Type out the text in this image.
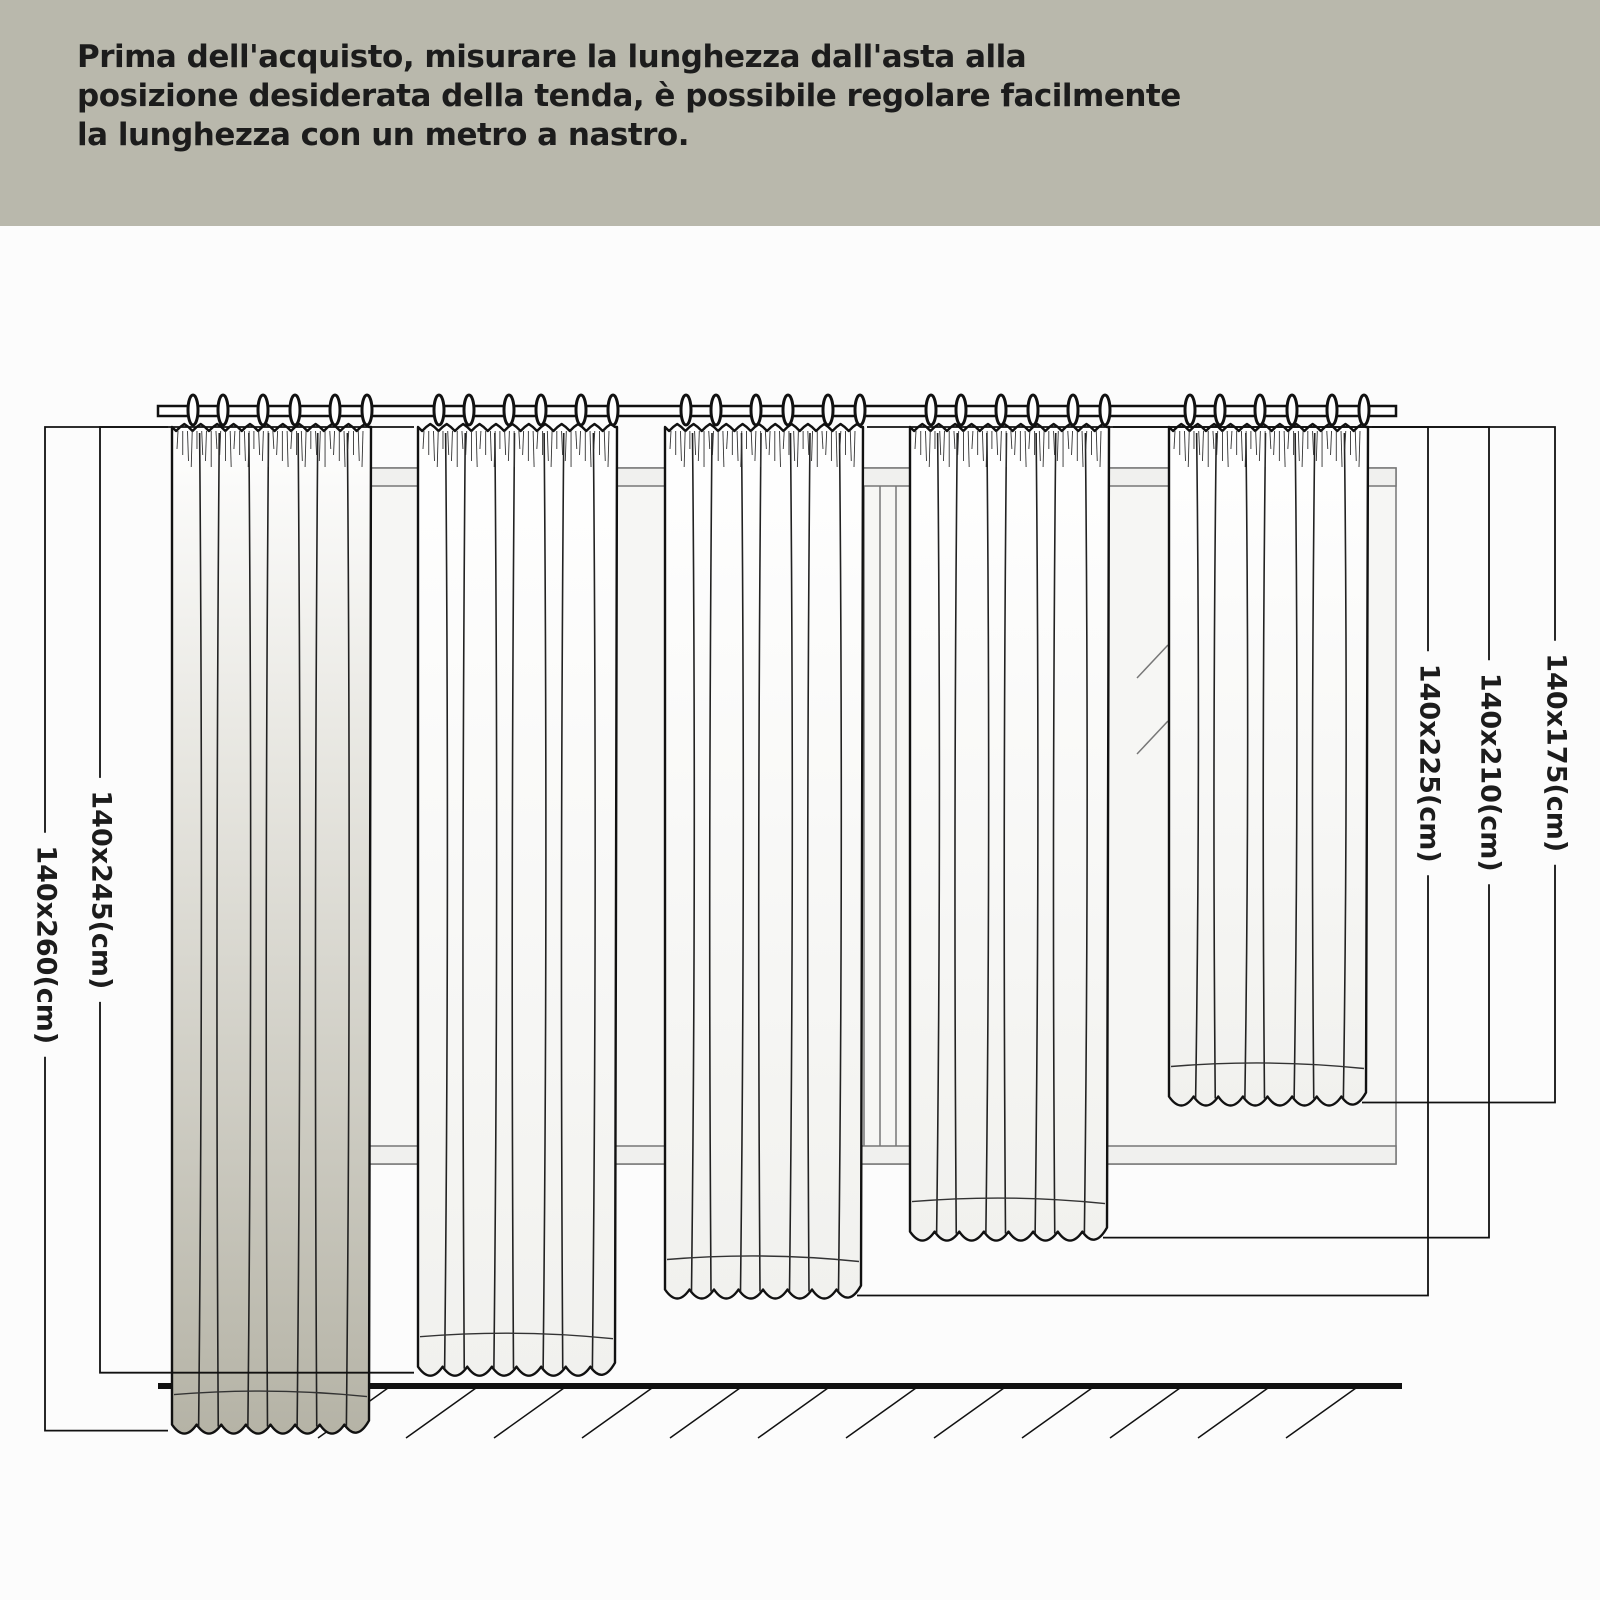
Prima dell'acquisto, misurare la lunghezza dall'asta alla posizione desiderata della tenda, è possibile regolare facilmente la lunghezza con un metro a nastro.

140x260(cm) 140x245(cm)
140x225(cm) 140x210(cm) 140x175(cm)
